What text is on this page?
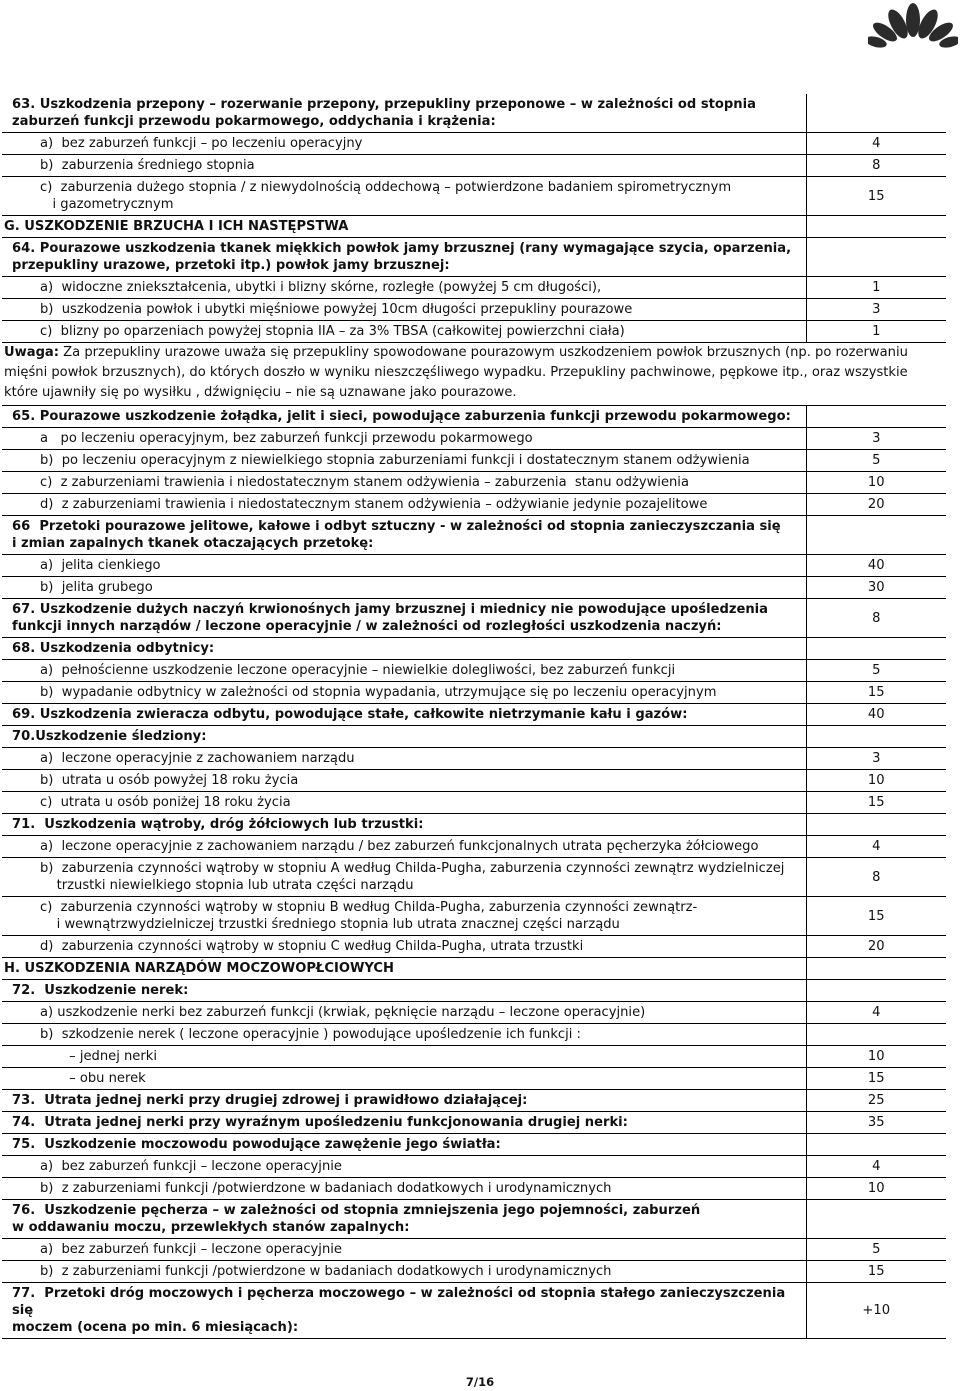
63. Uszkodzenia przepony – rozerwanie przepony, przepukliny przeponowe – w zależności od stopnia
zaburzeń funkcji przewodu pokarmowego, oddychania i krążenia:	
a)  bez zaburzeń funkcji – po leczeniu operacyjny	4
b)  zaburzenia średniego stopnia	8
c)  zaburzenia dużego stopnia / z niewydolnością oddechową – potwierdzone badaniem spirometrycznym
i gazometrycznym	15
G. USZKODZENIE BRZUCHA I ICH NASTĘPSTWA	
64. Pourazowe uszkodzenia tkanek miękkich powłok jamy brzusznej (rany wymagające szycia, oparzenia,
przepukliny urazowe, przetoki itp.) powłok jamy brzusznej:	
a)  widoczne zniekształcenia, ubytki i blizny skórne, rozległe (powyżej 5 cm długości),	1
b)  uszkodzenia powłok i ubytki mięśniowe powyżej 10cm długości przepukliny pourazowe	3
c)  blizny po oparzeniach powyżej stopnia IIA – za 3% TBSA (całkowitej powierzchni ciała)	1
Uwaga: Za przepukliny urazowe uważa się przepukliny spowodowane pourazowym uszkodzeniem powłok brzusznych (np. po rozerwaniu
mięśni powłok brzusznych), do których doszło w wyniku nieszczęśliwego wypadku. Przepukliny pachwinowe, pępkowe itp., oraz wszystkie
które ujawniły się po wysiłku , dźwignięciu – nie są uznawane jako pourazowe.	
65. Pourazowe uszkodzenie żołądka, jelit i sieci, powodujące zaburzenia funkcji przewodu pokarmowego:	
a   po leczeniu operacyjnym, bez zaburzeń funkcji przewodu pokarmowego	3
b)  po leczeniu operacyjnym z niewielkiego stopnia zaburzeniami funkcji i dostatecznym stanem odżywienia	5
c)  z zaburzeniami trawienia i niedostatecznym stanem odżywienia – zaburzenia  stanu odżywienia	10
d)  z zaburzeniami trawienia i niedostatecznym stanem odżywienia – odżywianie jedynie pozajelitowe	20
66  Przetoki pourazowe jelitowe, kałowe i odbyt sztuczny - w zależności od stopnia zanieczyszczania się
i zmian zapalnych tkanek otaczających przetokę:	
a)  jelita cienkiego	40
b)  jelita grubego	30
67. Uszkodzenie dużych naczyń krwionośnych jamy brzusznej i miednicy nie powodujące upośledzenia
funkcji innych narządów / leczone operacyjnie / w zależności od rozległości uszkodzenia naczyń:	8
68. Uszkodzenia odbytnicy:	
a)  pełnościenne uszkodzenie leczone operacyjnie – niewielkie dolegliwości, bez zaburzeń funkcji	5
b)  wypadanie odbytnicy w zależności od stopnia wypadania, utrzymujące się po leczeniu operacyjnym	15
69. Uszkodzenia zwieracza odbytu, powodujące stałe, całkowite nietrzymanie kału i gazów:	40
70.Uszkodzenie śledziony:	
a)  leczone operacyjnie z zachowaniem narządu	3
b)  utrata u osób powyżej 18 roku życia	10
c)  utrata u osób poniżej 18 roku życia	15
71.  Uszkodzenia wątroby, dróg żółciowych lub trzustki:	
a)  leczone operacyjnie z zachowaniem narządu / bez zaburzeń funkcjonalnych utrata pęcherzyka żółciowego	4
b)  zaburzenia czynności wątroby w stopniu A według Childa-Pugha, zaburzenia czynności zewnątrz wydzielniczej
trzustki niewielkiego stopnia lub utrata części narządu	8
c)  zaburzenia czynności wątroby w stopniu B według Childa-Pugha, zaburzenia czynności zewnątrz-
i wewnątrzwydzielniczej trzustki średniego stopnia lub utrata znacznej części narządu	15
d)  zaburzenia czynności wątroby w stopniu C według Childa-Pugha, utrata trzustki	20
H. USZKODZENIA NARZĄDÓW MOCZOWOPŁCIOWYCH	
72.  Uszkodzenie nerek:	
a) uszkodzenie nerki bez zaburzeń funkcji (krwiak, pęknięcie narządu – leczone operacyjnie)	4
b)  szkodzenie nerek ( leczone operacyjnie ) powodujące upośledzenie ich funkcji :	
– jednej nerki	10
– obu nerek	15
73.  Utrata jednej nerki przy drugiej zdrowej i prawidłowo działającej:	25
74.  Utrata jednej nerki przy wyraźnym upośledzeniu funkcjonowania drugiej nerki:	35
75.  Uszkodzenie moczowodu powodujące zawężenie jego światła:	
a)  bez zaburzeń funkcji – leczone operacyjnie	4
b)  z zaburzeniami funkcji /potwierdzone w badaniach dodatkowych i urodynamicznych	10
76.  Uszkodzenie pęcherza – w zależności od stopnia zmniejszenia jego pojemności, zaburzeń
w oddawaniu moczu, przewlekłych stanów zapalnych:	
a)  bez zaburzeń funkcji – leczone operacyjnie	5
b)  z zaburzeniami funkcji /potwierdzone w badaniach dodatkowych i urodynamicznych	15
77.  Przetoki dróg moczowych i pęcherza moczowego – w zależności od stopnia stałego zanieczyszczenia się
moczem (ocena po min. 6 miesiącach):	+10
7/16
